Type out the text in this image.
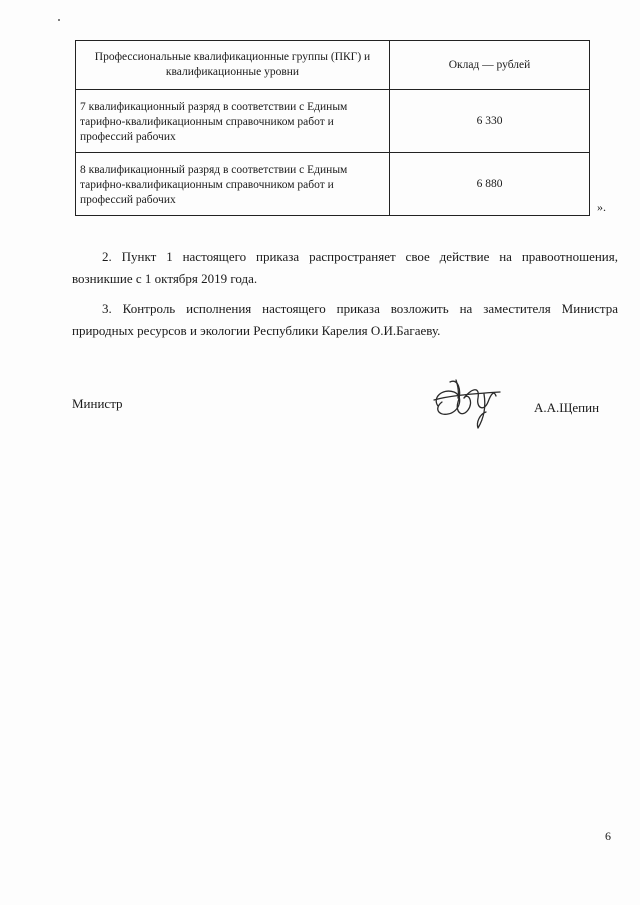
Профессиональные квалификационные группы (ПКГ) и квалификационные уровни	Оклад — рублей
7 квалификационный разряд в соответствии с Единым тарифно-квалификационным справочником работ и профессий рабочих	6 330
8 квалификационный разряд в соответствии с Единым тарифно-квалификационным справочником работ и профессий рабочих	6 880
».

2. Пункт 1 настоящего приказа распространяет свое действие на правоотношения, возникшие с 1 октября 2019 года.

3. Контроль исполнения настоящего приказа возложить на заместителя Министра природных ресурсов и экологии Республики Карелия О.И.Багаеву.

Министр	А.А.Щепин
6
